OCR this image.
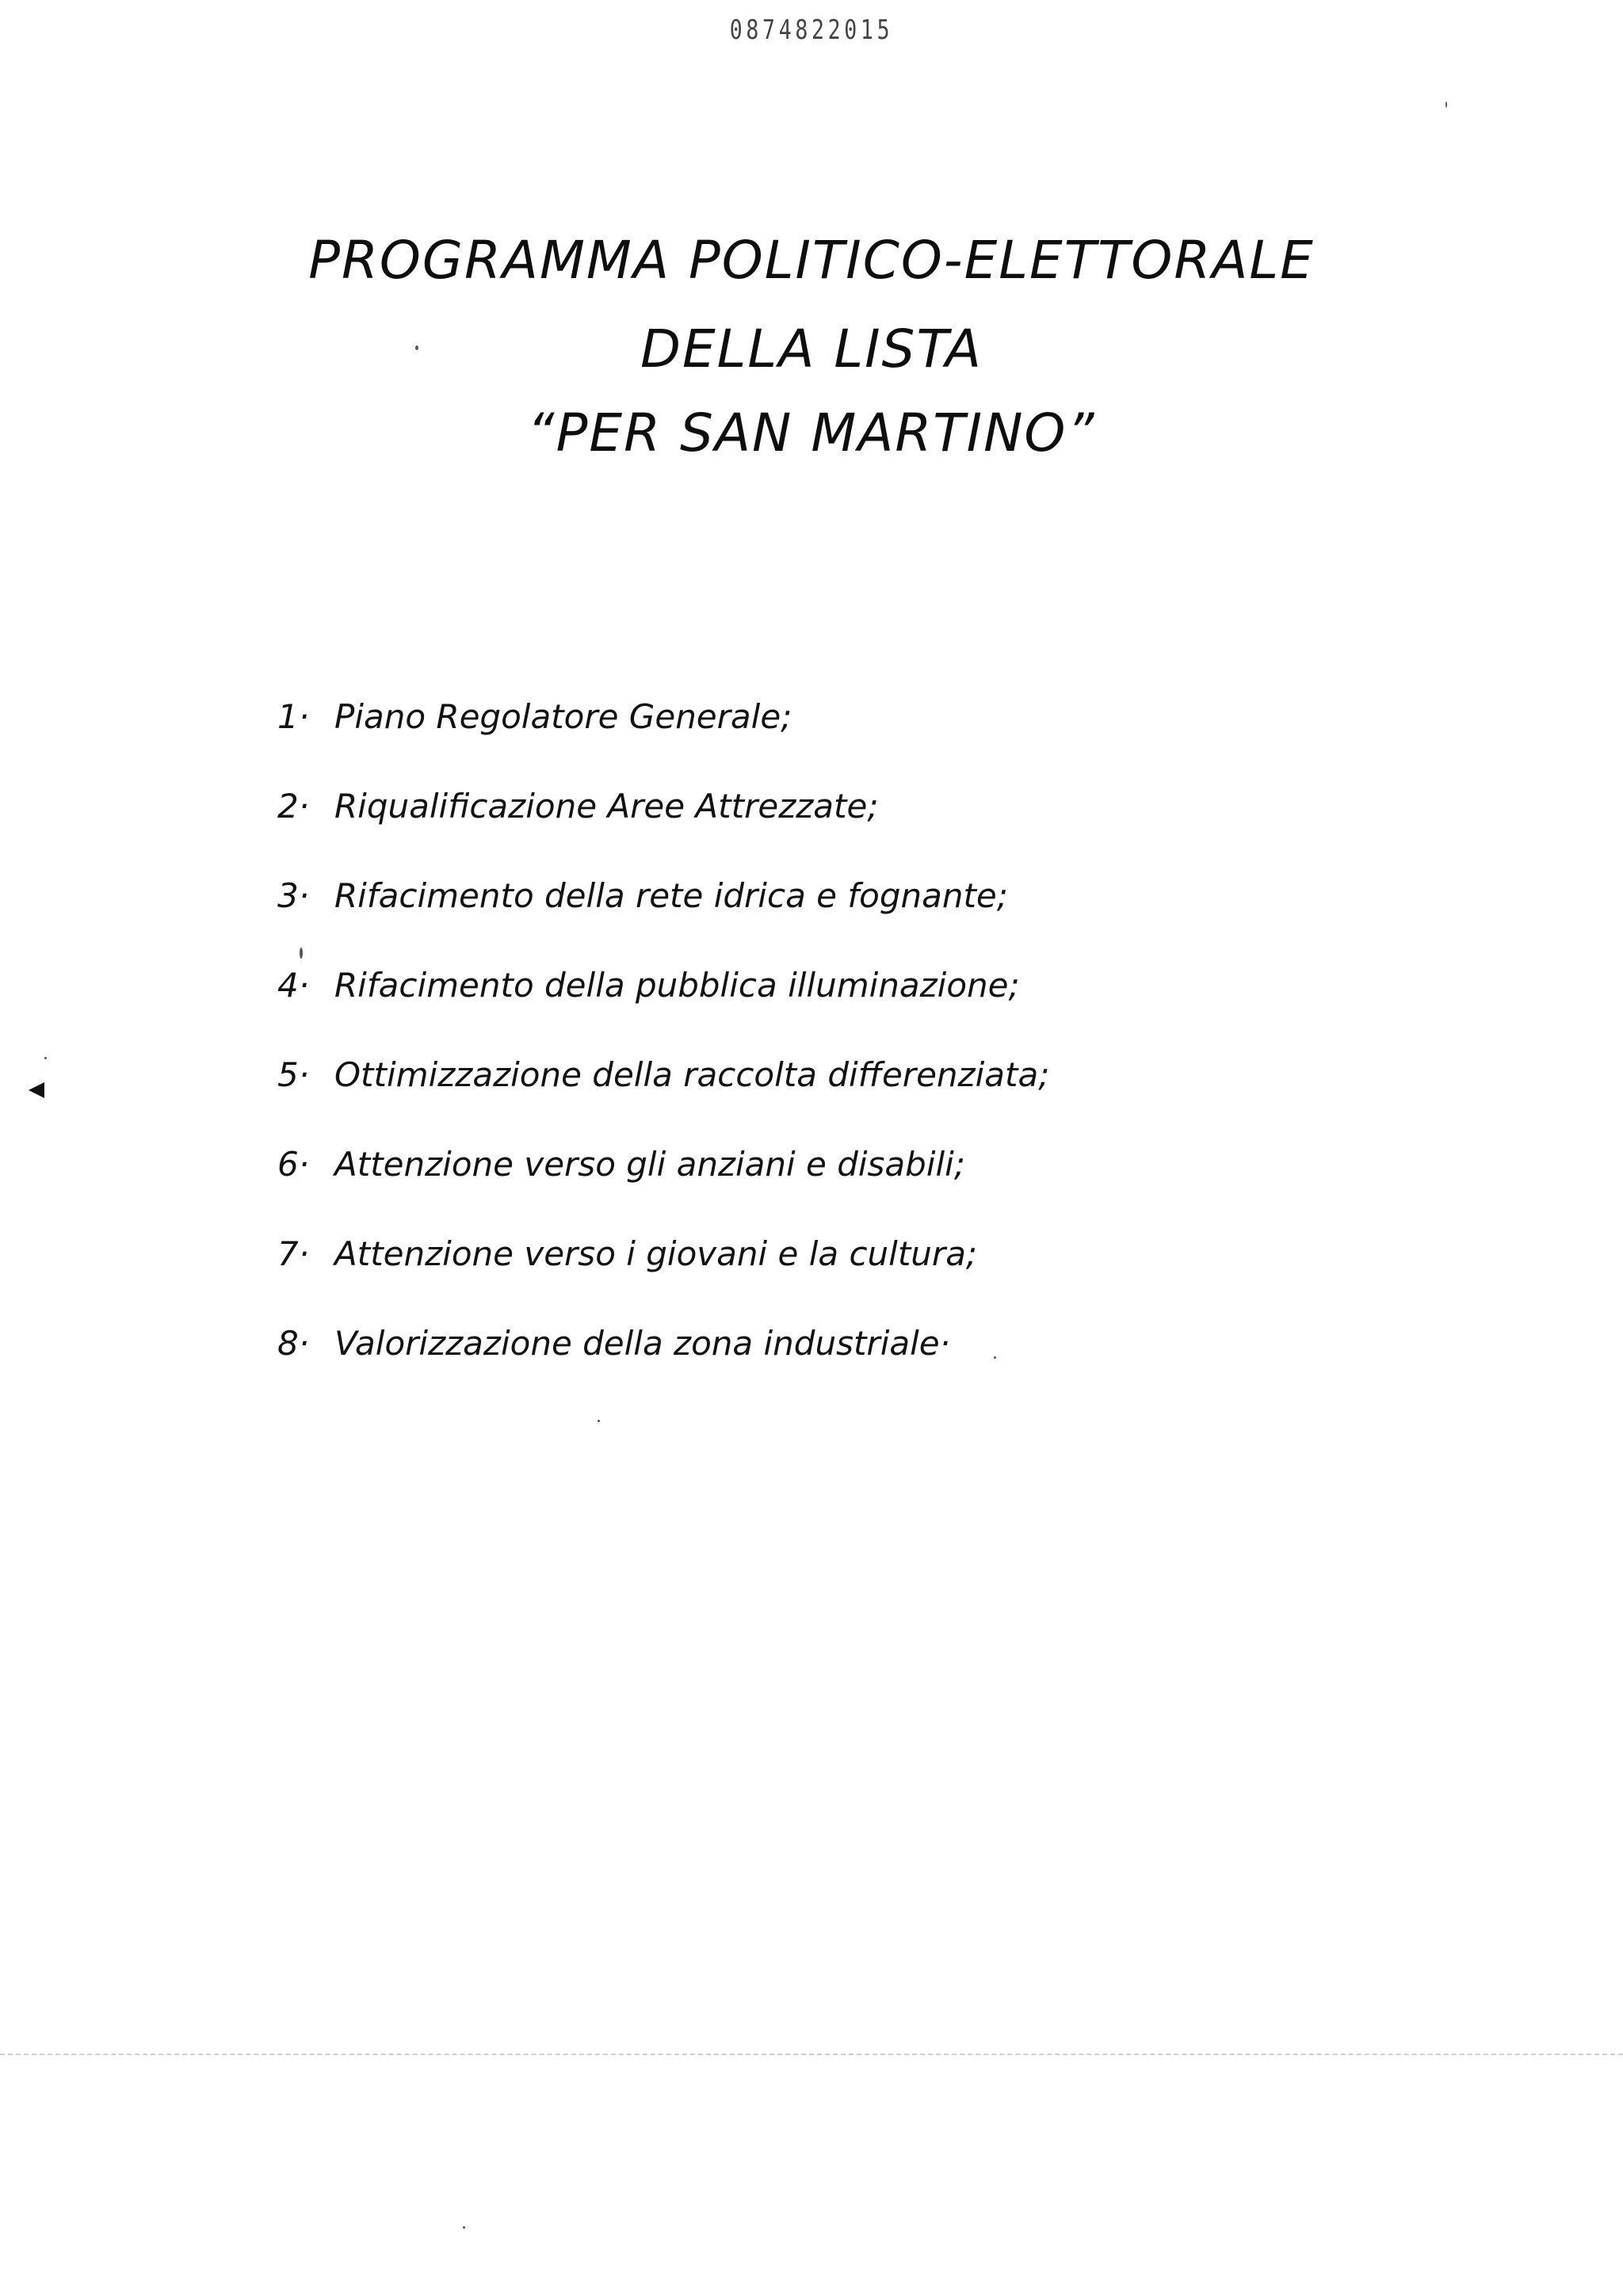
0874822015
PROGRAMMA POLITICO-ELETTORALE
DELLA LISTA
“PER SAN MARTINO”
1· Piano Regolatore Generale;
2· Riqualificazione Aree Attrezzate;
3· Rifacimento della rete idrica e fognante;
4· Rifacimento della pubblica illuminazione;
5· Ottimizzazione della raccolta differenziata;
6· Attenzione verso gli anziani e disabili;
7· Attenzione verso i giovani e la cultura;
8· Valorizzazione della zona industriale·
